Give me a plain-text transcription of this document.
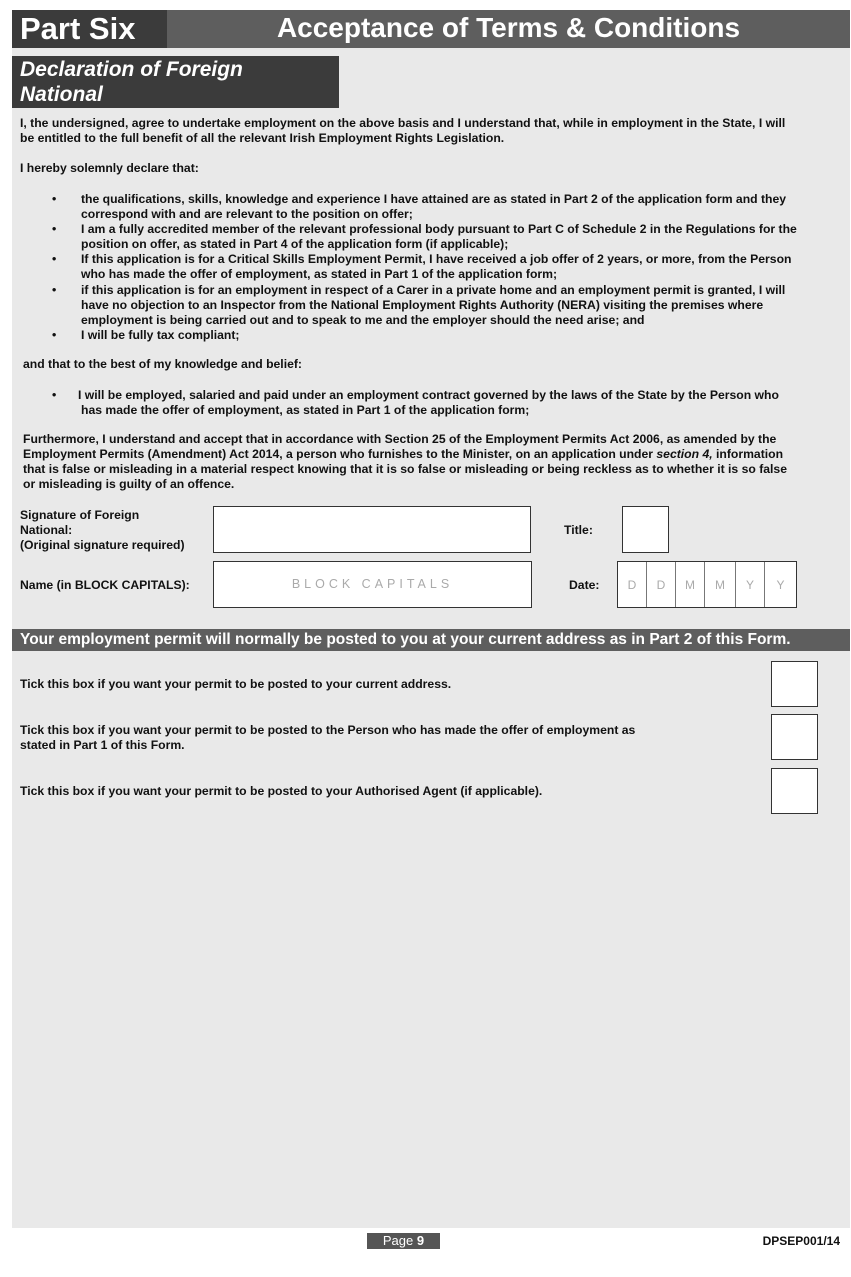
Part Six	Acceptance of Terms & Conditions
Declaration of Foreign
National
I, the undersigned, agree to undertake employment on the above basis and I understand that, while in employment in the State, I will
be entitled to the full benefit of all the relevant Irish Employment Rights Legislation.
I hereby solemnly declare that:
• the qualifications, skills, knowledge and experience I have attained are as stated in Part 2 of the application form and they
correspond with and are relevant to the position on offer;
• I am a fully accredited member of the relevant professional body pursuant to Part C of Schedule 2 in the Regulations for the
position on offer, as stated in Part 4 of the application form (if applicable);
• If this application is for a Critical Skills Employment Permit, I have received a job offer of 2 years, or more, from the Person
who has made the offer of employment, as stated in Part 1 of the application form;
• if this application is for an employment in respect of a Carer in a private home and an employment permit is granted, I will
have no objection to an Inspector from the National Employment Rights Authority (NERA) visiting the premises where
employment is being carried out and to speak to me and the employer should the need arise; and
• I will be fully tax compliant;
and that to the best of my knowledge and belief:
• I will be employed, salaried and paid under an employment contract governed by the laws of the State by the Person who
has made the offer of employment, as stated in Part 1 of the application form;
Furthermore, I understand and accept that in accordance with Section 25 of the Employment Permits Act 2006, as amended by the
Employment Permits (Amendment) Act 2014, a person who furnishes to the Minister, on an application under section 4, information
that is false or misleading in a material respect knowing that it is so false or misleading or being reckless as to whether it is so false
or misleading is guilty of an offence.
Signature of Foreign
National:
(Original signature required)
Title:
Name (in BLOCK CAPITALS):	BLOCK CAPITALS	Date:	D	D	M	M	Y	Y
Your employment permit will normally be posted to you at your current address as in Part 2 of this Form.
Tick this box if you want your permit to be posted to your current address.
Tick this box if you want your permit to be posted to the Person who has made the offer of employment as
stated in Part 1 of this Form.
Tick this box if you want your permit to be posted to your Authorised Agent (if applicable).
Page 9	DPSEP001/14
